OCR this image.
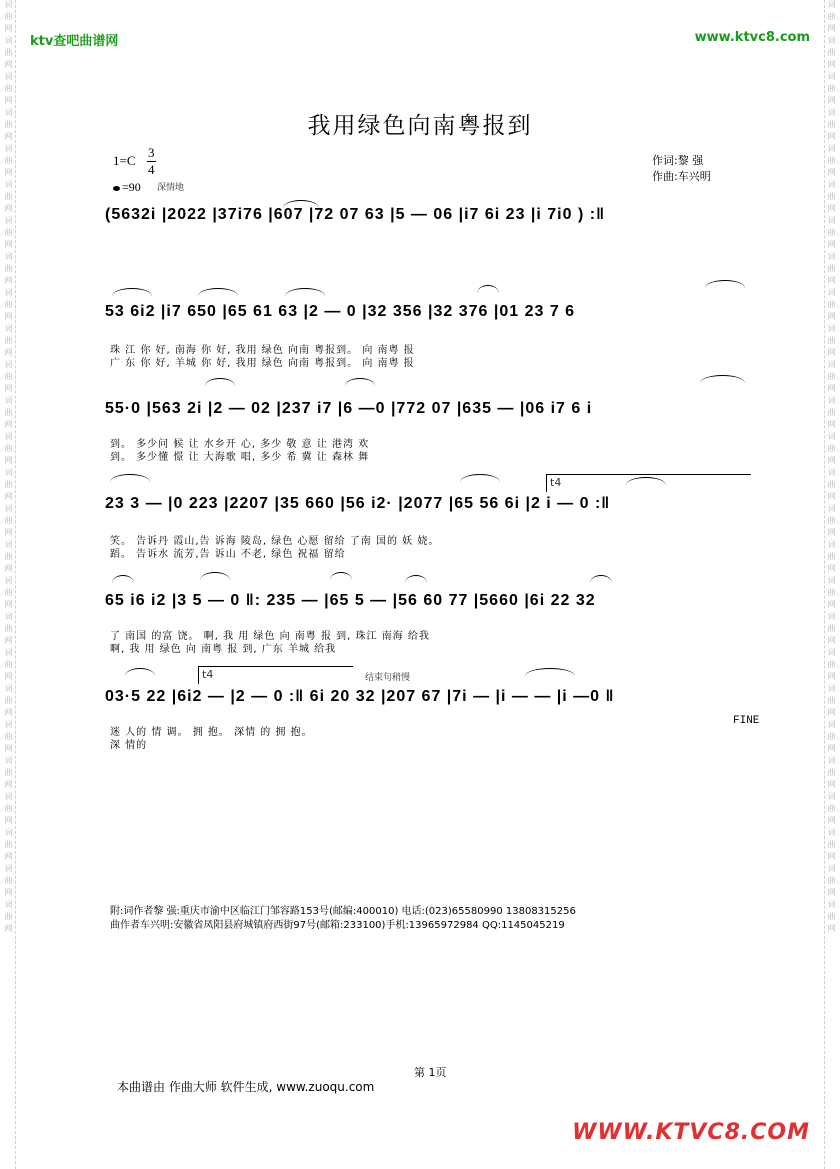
词
曲
网
词
曲
网
词
曲
网
词
曲
网
词
曲
网
词
曲
网
词
曲
网
词
曲
网
词
曲
网
词
曲
网
词
曲
网
词
曲
网
词
曲
网
词
曲
网
词
曲
网
词
曲
网
词
曲
网
词
曲
网
词
曲
网
词
曲
网
词
曲
网
词
曲
网
词
曲
网
词
曲
网
词
曲
网
词
曲
网
词
曲
网
词
曲
网
词
曲
网
词
曲
网
词
曲
网
词
曲
网
词
曲
网
词
曲
网
词
曲
网
词
曲
网
词
曲
网
词
曲
网
词
曲
网
词
曲
网
词
曲
网
词
曲
网
词
曲
网
词
曲
网
词
曲
网
词
曲
网
词
曲
网
词
曲
网
词
曲
网
词
曲
网
词
曲
网
词
曲
网
ktv查吧曲谱网	www.ktvc8.com
我用绿色向南粤报到
1=C
3
4
=90 深情地
作词:黎 强
作曲:车兴明
(5632i |2022 |37i76 |607 |72 07 63 |5 — 06 |i7 6i 23 |i 7i0 ) :‖
53 6i2 |i7 650 |65 61 63 |2 — 0 |32 356 |32 376 |01 23 7 6
珠 江 你 好, 南海 你 好, 我用 绿色 向南 粤报到。 向 南粤 报
广 东 你 好, 羊城 你 好, 我用 绿色 向南 粤报到。 向 南粤 报
55·0 |563 2i |2 — 02 |237 i7 |6 —0 |772 07 |635 — |06 i7 6 i
到。 多少问 候 让 水乡开 心, 多少 敬 意 让 港湾 欢
到。 多少懂 憬 让 大海歌 唱, 多少 希 冀 让 森林 舞
t4
23 3 — |0 223 |2207 |35 660 |56 i2· |2077 |65 56 6i |2 i — 0 :‖
笑。 告诉丹 霞山,告 诉海 陵岛, 绿色 心愿 留给 了南 国的 妖 娆。
蹈。 告诉水 流芳,告 诉山 不老, 绿色 祝福 留给
65 i6 i2 |3 5 — 0 ‖: 235 — |65 5 — |56 60 77 |5660 |6i 22 32
了 南国 的富 饶。 啊, 我 用 绿色 向 南粤 报 到, 珠江 南海 给我
啊, 我 用 绿色 向 南粤 报 到, 广东 羊城 给我
t4	结束句稍慢
03·5 22 |6i2 — |2 — 0 :‖ 6i 20 32 |207 67 |7i — |i — — |i —0 ‖
迷 人的 情 调。 拥 抱。 深情 的 拥 抱。
深 情的
FINE
附:词作者黎 强:重庆市渝中区临江门邹容路153号(邮编:400010) 电话:(023)65580990 13808315256
曲作者车兴明:安徽省凤阳县府城镇府西街97号(邮箱:233100)手机:13965972984 QQ:1145045219
第 1页
本曲谱由 作曲大师 软件生成, www.zuoqu.com
WWW.KTVC8.COM
